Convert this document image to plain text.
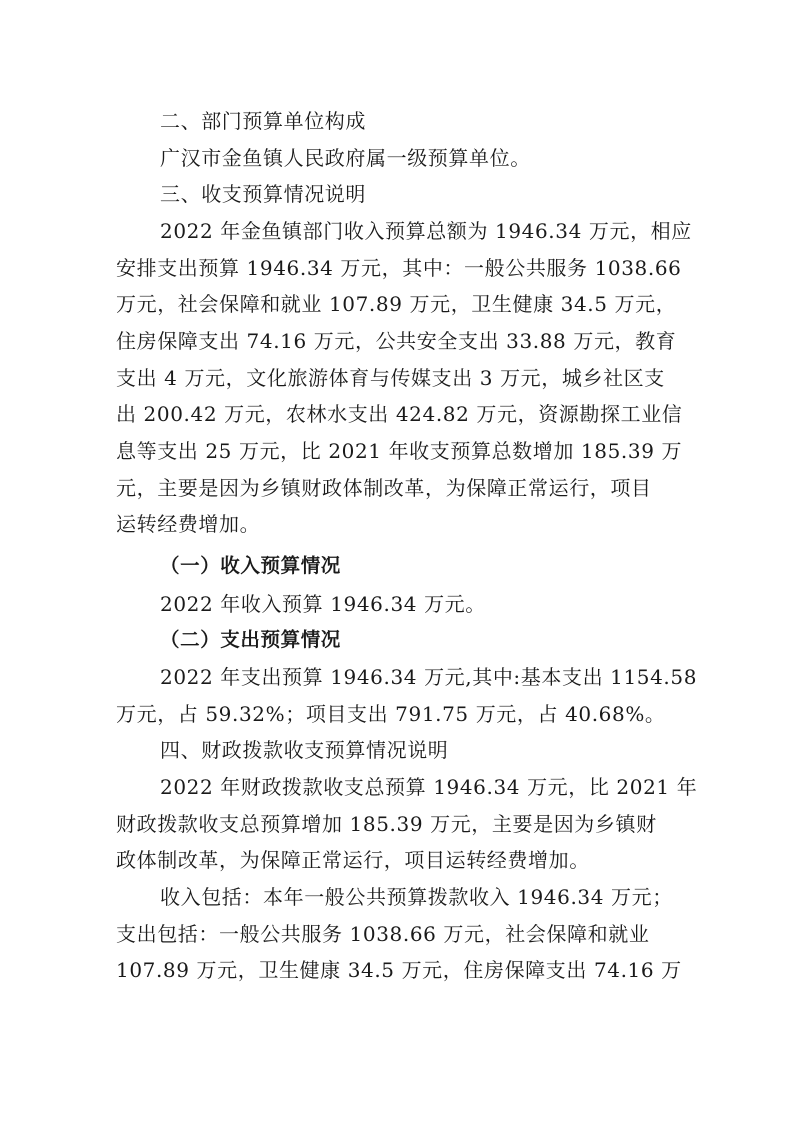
二、部门预算单位构成
广汉市金鱼镇人民政府属一级预算单位。
三、收支预算情况说明
2022 年金鱼镇部门收入预算总额为 1946.34 万元，相应
安排支出预算 1946.34 万元，其中：一般公共服务 1038.66
万元，社会保障和就业 107.89 万元，卫生健康 34.5 万元，
住房保障支出 74.16 万元，公共安全支出 33.88 万元，教育
支出 4 万元，文化旅游体育与传媒支出 3 万元，城乡社区支
出 200.42 万元，农林水支出 424.82 万元，资源勘探工业信
息等支出 25 万元，比 2021 年收支预算总数增加 185.39 万
元，主要是因为乡镇财政体制改革，为保障正常运行，项目
运转经费增加。
（一）收入预算情况
2022 年收入预算 1946.34 万元。
（二）支出预算情况
2022 年支出预算 1946.34 万元,其中:基本支出 1154.58
万元，占 59.32%；项目支出 791.75 万元，占 40.68%。
四、财政拨款收支预算情况说明
2022 年财政拨款收支总预算 1946.34 万元，比 2021 年
财政拨款收支总预算增加 185.39 万元，主要是因为乡镇财
政体制改革，为保障正常运行，项目运转经费增加。
收入包括：本年一般公共预算拨款收入 1946.34 万元；
支出包括：一般公共服务 1038.66 万元，社会保障和就业
107.89 万元，卫生健康 34.5 万元，住房保障支出 74.16 万
